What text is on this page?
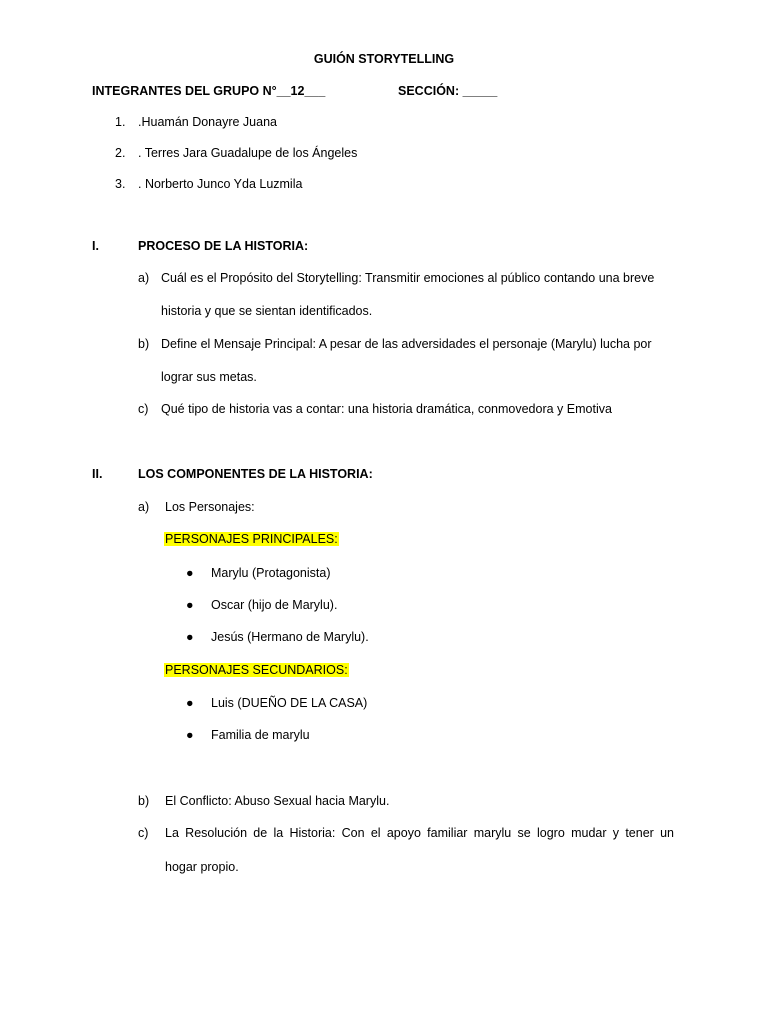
GUIÓN STORYTELLING
INTEGRANTES DEL GRUPO N°__12___	SECCIÓN: _____
1. .Huamán Donayre Juana
2. . Terres Jara Guadalupe de los Ángeles
3. . Norberto Junco Yda Luzmila
I.	PROCESO DE LA HISTORIA:
a) Cuál es el Propósito del Storytelling: Transmitir emociones al público contando una breve
historia y que se sientan identificados.
b) Define el Mensaje Principal: A pesar de las adversidades el personaje (Marylu) lucha por
lograr sus metas.
c) Qué tipo de historia vas a contar: una historia dramática, conmovedora y Emotiva
II.	LOS COMPONENTES DE LA HISTORIA:
a) Los Personajes:
PERSONAJES PRINCIPALES:
● Marylu (Protagonista)
● Oscar (hijo de Marylu).
● Jesús (Hermano de Marylu).
PERSONAJES SECUNDARIOS:
● Luis (DUEÑO DE LA CASA)
● Familia de marylu
b) El Conflicto: Abuso Sexual hacia Marylu.
c) La Resolución de la Historia: Con el apoyo familiar marylu se logro mudar y tener un
hogar propio.
